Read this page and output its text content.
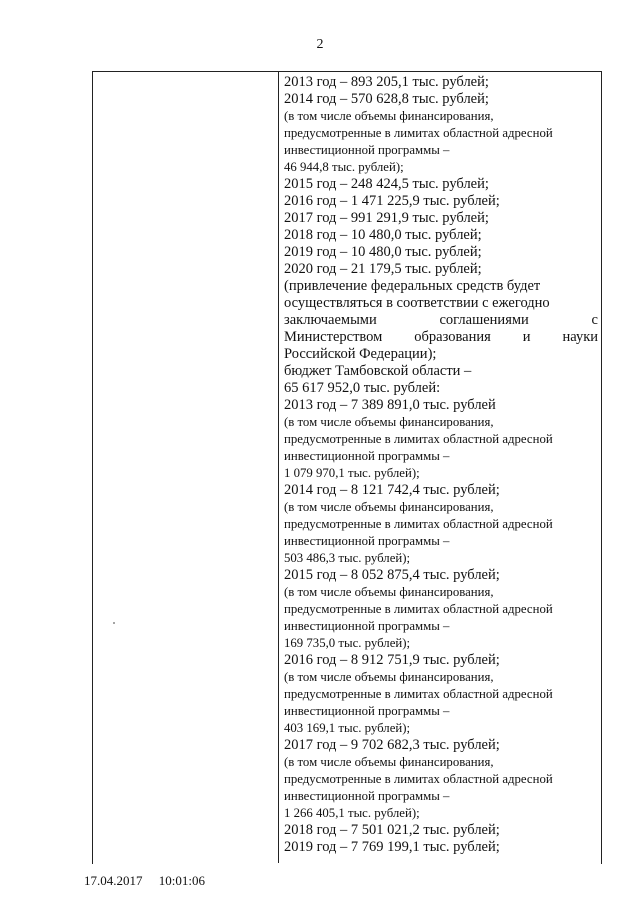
2
2013 год – 893 205,1 тыс. рублей;
2014 год – 570 628,8 тыс. рублей;
(в том числе объемы финансирования,
предусмотренные в лимитах областной адресной
инвестиционной программы –
46 944,8 тыс. рублей);
2015 год – 248 424,5 тыс. рублей;
2016 год – 1 471 225,9 тыс. рублей;
2017 год – 991 291,9 тыс. рублей;
2018 год – 10 480,0 тыс. рублей;
2019 год – 10 480,0 тыс. рублей;
2020 год – 21 179,5 тыс. рублей;
(привлечение федеральных средств будет
осуществляться в соответствии с ежегодно
заключаемыми	соглашениями	с
Министерством образования и науки
Российской Федерации);
бюджет Тамбовской области –
65 617 952,0 тыс. рублей:
2013 год – 7 389 891,0 тыс. рублей
(в том числе объемы финансирования,
предусмотренные в лимитах областной адресной
инвестиционной программы –
1 079 970,1 тыс. рублей);
2014 год – 8 121 742,4 тыс. рублей;
(в том числе объемы финансирования,
предусмотренные в лимитах областной адресной
инвестиционной программы –
503 486,3 тыс. рублей);
2015 год – 8 052 875,4 тыс. рублей;
(в том числе объемы финансирования,
предусмотренные в лимитах областной адресной
инвестиционной программы –
169 735,0 тыс. рублей);
2016 год – 8 912 751,9 тыс. рублей;
(в том числе объемы финансирования,
предусмотренные в лимитах областной адресной
инвестиционной программы –
403 169,1 тыс. рублей);
2017 год – 9 702 682,3 тыс. рублей;
(в том числе объемы финансирования,
предусмотренные в лимитах областной адресной
инвестиционной программы –
1 266 405,1 тыс. рублей);
2018 год – 7 501 021,2 тыс. рублей;
2019 год – 7 769 199,1 тыс. рублей;
17.04.2017 10:01:06
